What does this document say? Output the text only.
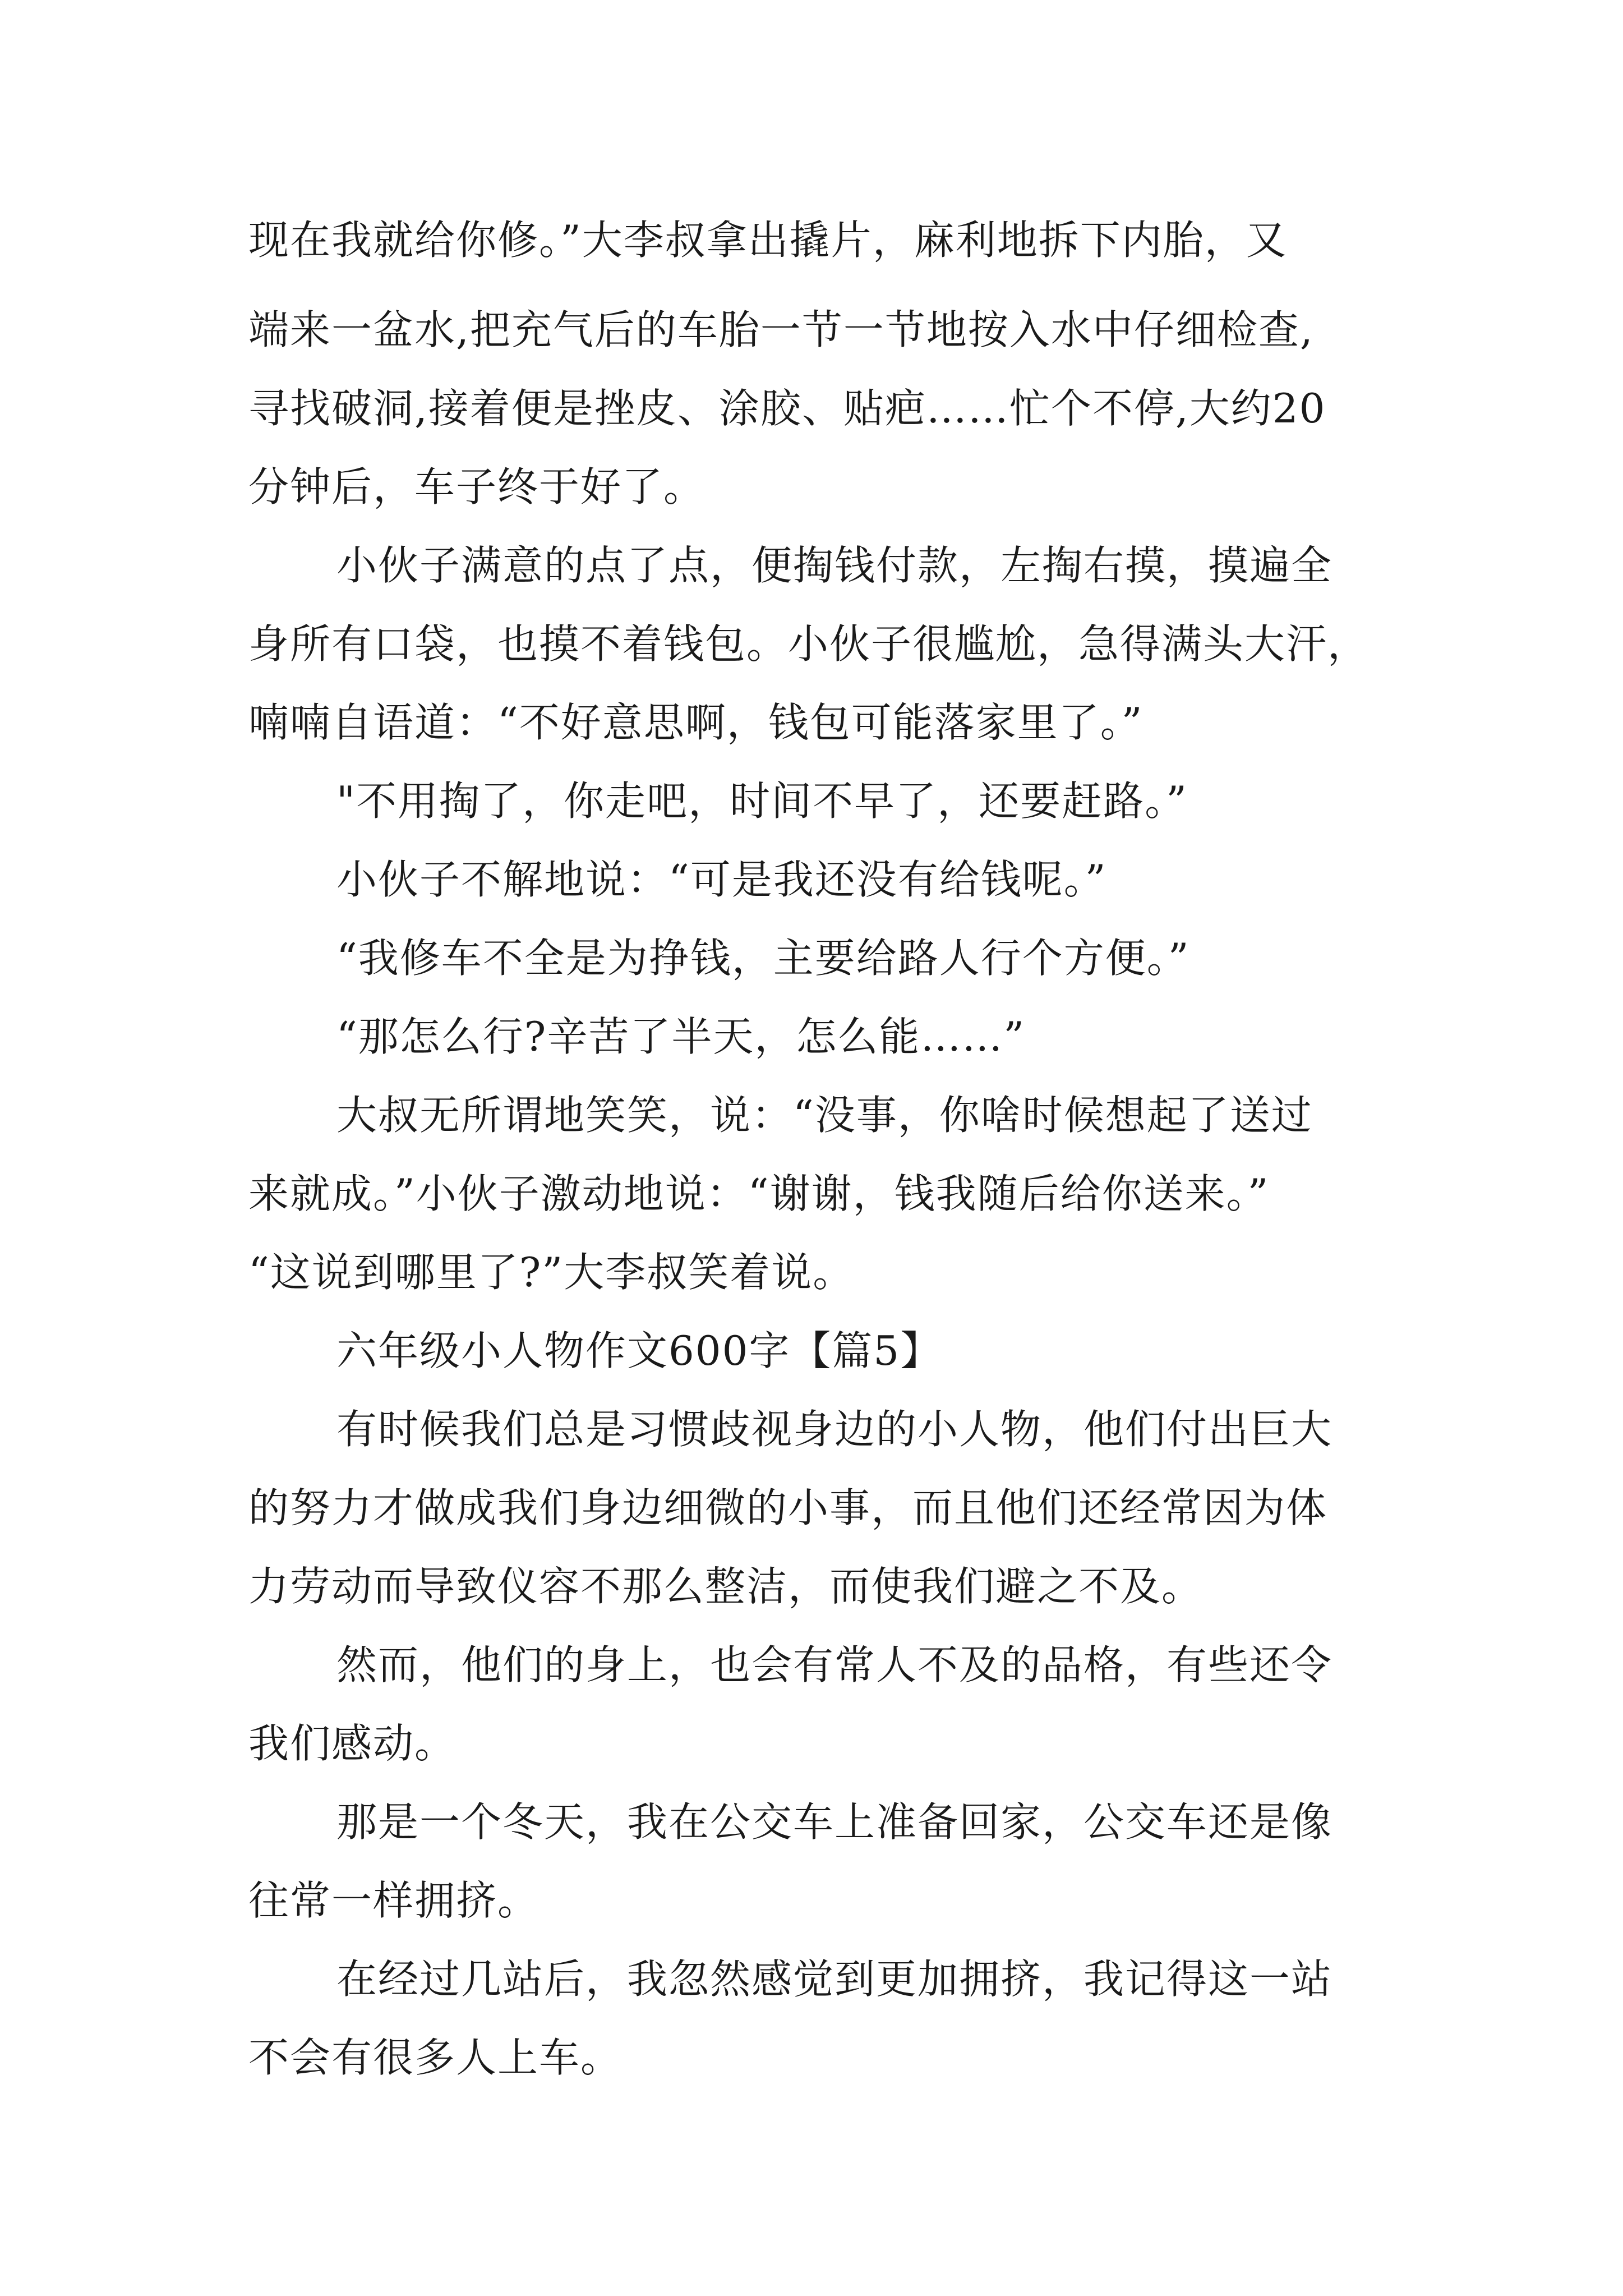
现在我就给你修。”大李叔拿出撬片，麻利地拆下内胎，又
端来一盆水,把充气后的车胎一节一节地按入水中仔细检查,
寻找破洞,接着便是挫皮、涂胶、贴疤……忙个不停,大约20
分钟后，车子终于好了。
小伙子满意的点了点，便掏钱付款，左掏右摸，摸遍全
身所有口袋，也摸不着钱包。小伙子很尴尬，急得满头大汗，
喃喃自语道：“不好意思啊，钱包可能落家里了。”
"不用掏了，你走吧，时间不早了，还要赶路。”
小伙子不解地说：“可是我还没有给钱呢。”
“我修车不全是为挣钱，主要给路人行个方便。”
“那怎么行?辛苦了半天，怎么能……”
大叔无所谓地笑笑，说：“没事，你啥时候想起了送过
来就成。”小伙子激动地说：“谢谢，钱我随后给你送来。”
“这说到哪里了?”大李叔笑着说。
六年级小人物作文600字【篇5】
有时候我们总是习惯歧视身边的小人物，他们付出巨大
的努力才做成我们身边细微的小事，而且他们还经常因为体
力劳动而导致仪容不那么整洁，而使我们避之不及。
然而，他们的身上，也会有常人不及的品格，有些还令
我们感动。
那是一个冬天，我在公交车上准备回家，公交车还是像
往常一样拥挤。
在经过几站后，我忽然感觉到更加拥挤，我记得这一站
不会有很多人上车。
